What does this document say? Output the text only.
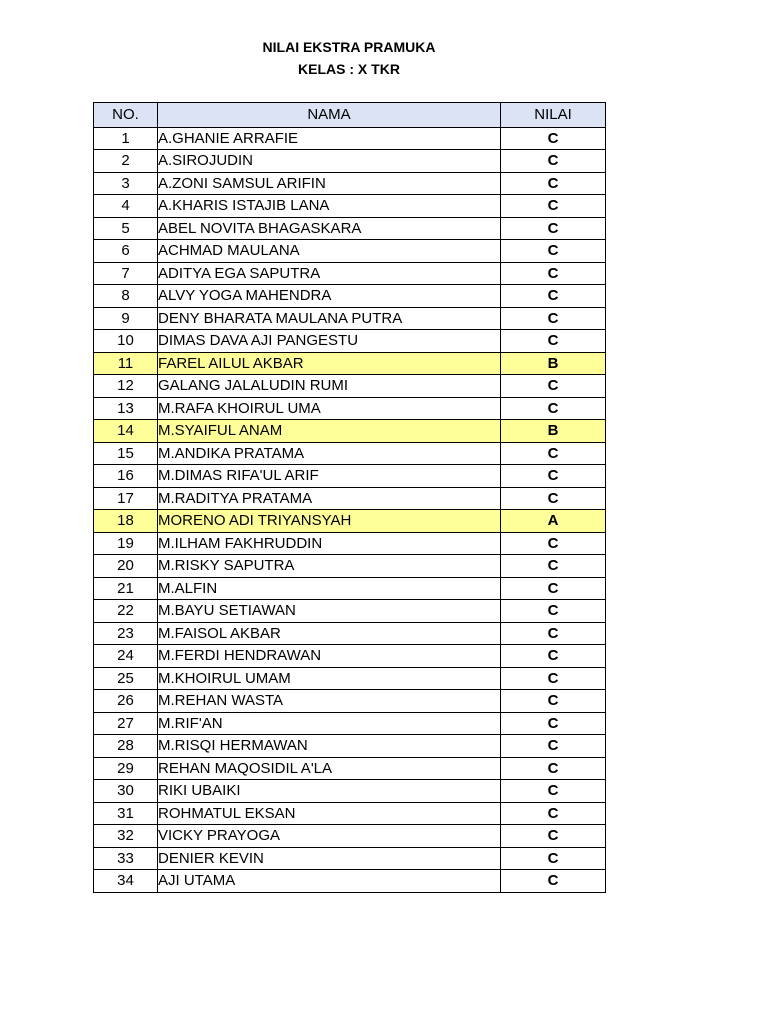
NILAI EKSTRA PRAMUKA
KELAS : X TKR
NO.	NAMA	NILAI
1	A.GHANIE ARRAFIE	C
2	A.SIROJUDIN	C
3	A.ZONI SAMSUL ARIFIN	C
4	A.KHARIS ISTAJIB LANA	C
5	ABEL NOVITA BHAGASKARA	C
6	ACHMAD MAULANA	C
7	ADITYA EGA SAPUTRA	C
8	ALVY YOGA MAHENDRA	C
9	DENY BHARATA MAULANA PUTRA	C
10	DIMAS DAVA AJI PANGESTU	C
11	FAREL AILUL AKBAR	B
12	GALANG JALALUDIN RUMI	C
13	M.RAFA KHOIRUL UMA	C
14	M.SYAIFUL ANAM	B
15	M.ANDIKA PRATAMA	C
16	M.DIMAS RIFA'UL ARIF	C
17	M.RADITYA PRATAMA	C
18	MORENO ADI TRIYANSYAH	A
19	M.ILHAM FAKHRUDDIN	C
20	M.RISKY SAPUTRA	C
21	M.ALFIN	C
22	M.BAYU SETIAWAN	C
23	M.FAISOL AKBAR	C
24	M.FERDI HENDRAWAN	C
25	M.KHOIRUL UMAM	C
26	M.REHAN WASTA	C
27	M.RIF'AN	C
28	M.RISQI HERMAWAN	C
29	REHAN MAQOSIDIL A'LA	C
30	RIKI UBAIKI	C
31	ROHMATUL EKSAN	C
32	VICKY PRAYOGA	C
33	DENIER KEVIN	C
34	AJI UTAMA	C
